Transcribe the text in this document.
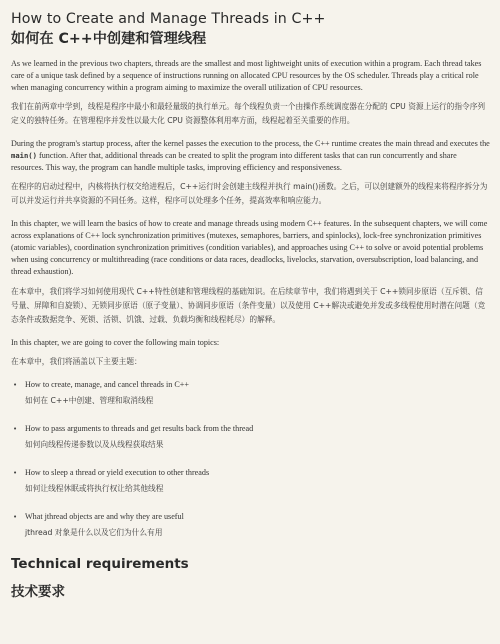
How to Create and Manage Threads in C++
如何在 C++中创建和管理线程

As we learned in the previous two chapters, threads are the smallest and most lightweight units of execution within a program. Each thread takes care of a unique task defined by a sequence of instructions running on allocated CPU resources by the OS scheduler. Threads play a critical role when managing concurrency within a program aiming to maximize the overall utilization of CPU resources.

我们在前两章中学到，线程是程序中最小和最轻量级的执行单元。每个线程负责一个由操作系统调度器在分配的 CPU 资源上运行的指令序列定义的独特任务。在管理程序并发性以最大化 CPU 资源整体利用率方面，线程起着至关重要的作用。

During the program's startup process, after the kernel passes the execution to the process, the C++ runtime creates the main thread and executes the main() function. After that, additional threads can be created to split the program into different tasks that can run concurrently and share resources. This way, the program can handle multiple tasks, improving efficiency and responsiveness.

在程序的启动过程中，内核将执行权交给进程后，C++运行时会创建主线程并执行 main()函数。之后，可以创建额外的线程来将程序拆分为可以并发运行并共享资源的不同任务。这样，程序可以处理多个任务，提高效率和响应能力。

In this chapter, we will learn the basics of how to create and manage threads using modern C++ features. In the subsequent chapters, we will come across explanations of C++ lock synchronization primitives (mutexes, semaphores, barriers, and spinlocks), lock-free synchronization primitives (atomic variables), coordination synchronization primitives (condition variables), and approaches using C++ to solve or avoid potential problems when using concurrency or multithreading (race conditions or data races, deadlocks, livelocks, starvation, oversubscription, load balancing, and thread exhaustion).

在本章中，我们将学习如何使用现代 C++特性创建和管理线程的基础知识。在后续章节中，我们将遇到关于 C++锁同步原语（互斥锁、信号量、屏障和自旋锁）、无锁同步原语（原子变量）、协调同步原语（条件变量）以及使用 C++解决或避免并发或多线程使用时潜在问题（竞态条件或数据竞争、死锁、活锁、饥饿、过载、负载均衡和线程耗尽）的解释。

In this chapter, we are going to cover the following main topics:

在本章中，我们将涵盖以下主要主题：

• How to create, manage, and cancel threads in C++

如何在 C++中创建、管理和取消线程

• How to pass arguments to threads and get results back from the thread

如何向线程传递参数以及从线程获取结果

• How to sleep a thread or yield execution to other threads

如何让线程休眠或将执行权让给其他线程

• What jthread objects are and why they are useful

jthread 对象是什么以及它们为什么有用

Technical requirements
技术要求
